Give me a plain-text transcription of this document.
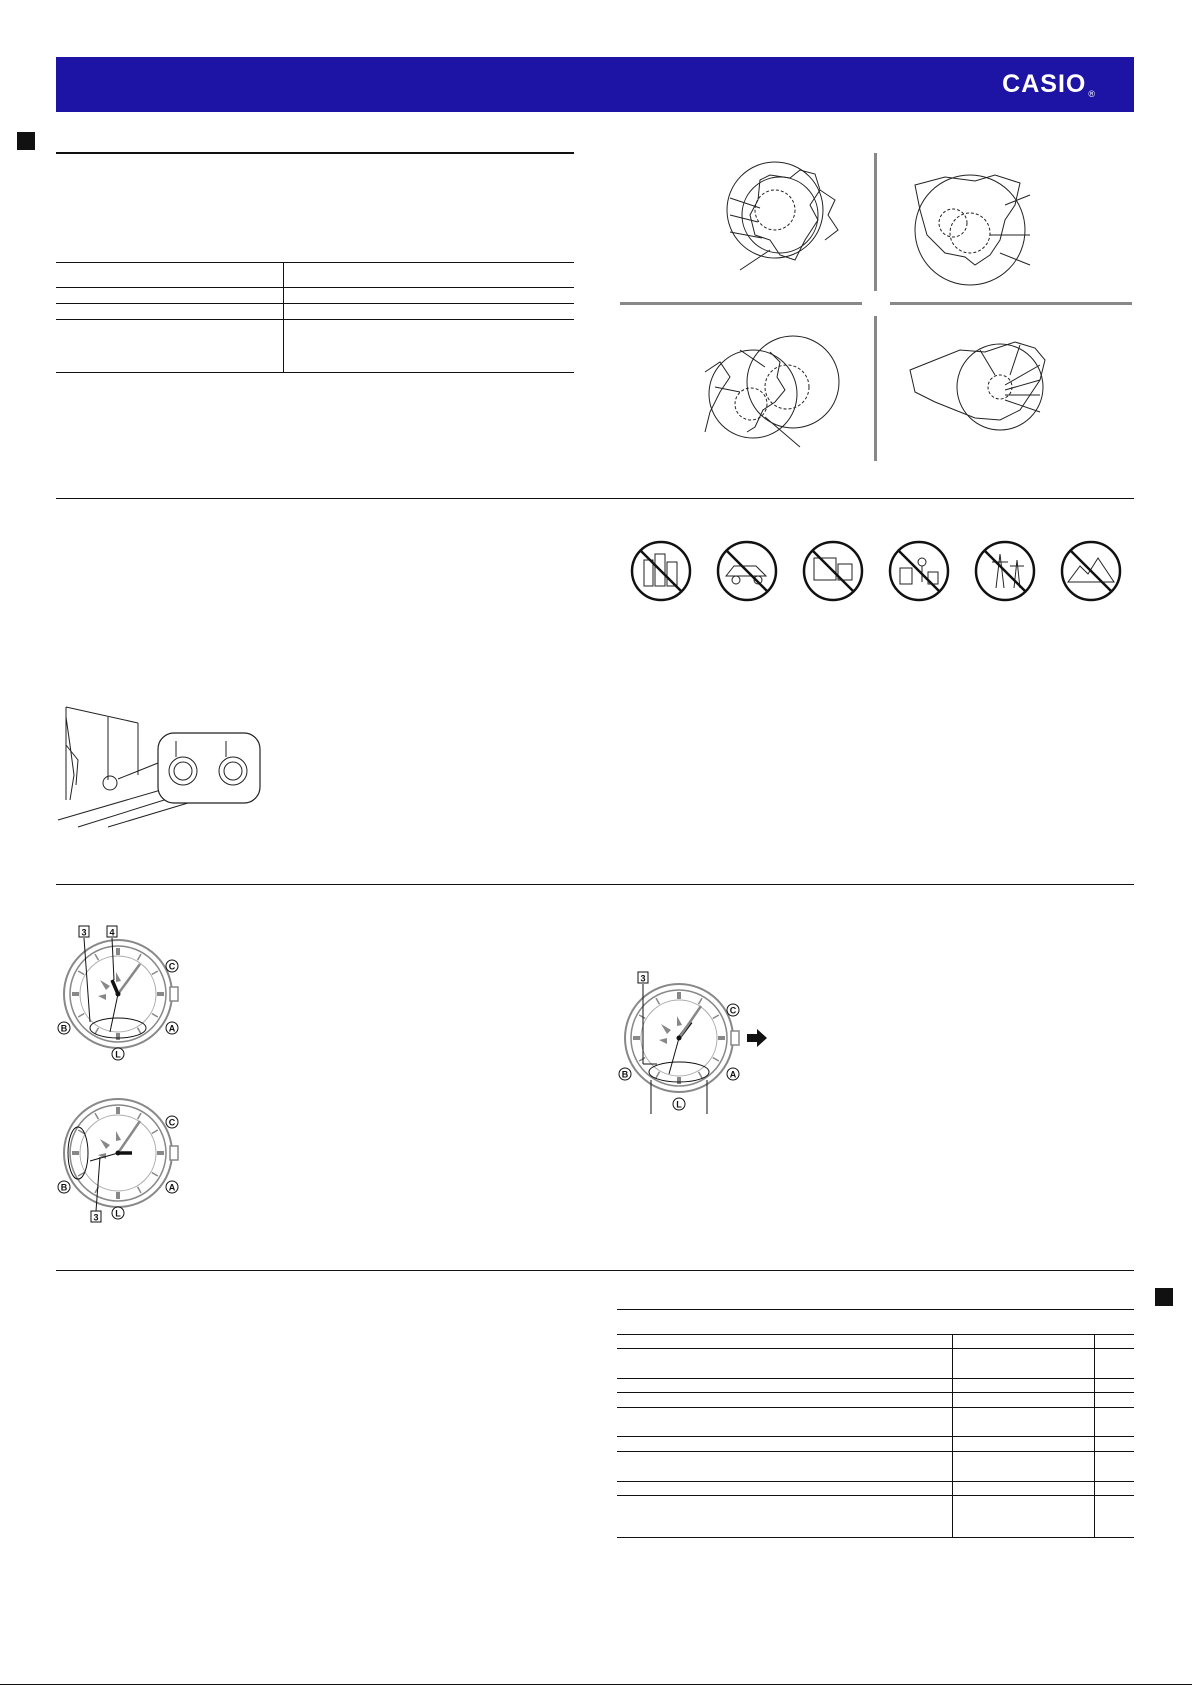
CASIO ®
3	4
C
B	A
L
C
B	A
L
3
3
C
B	A
L
